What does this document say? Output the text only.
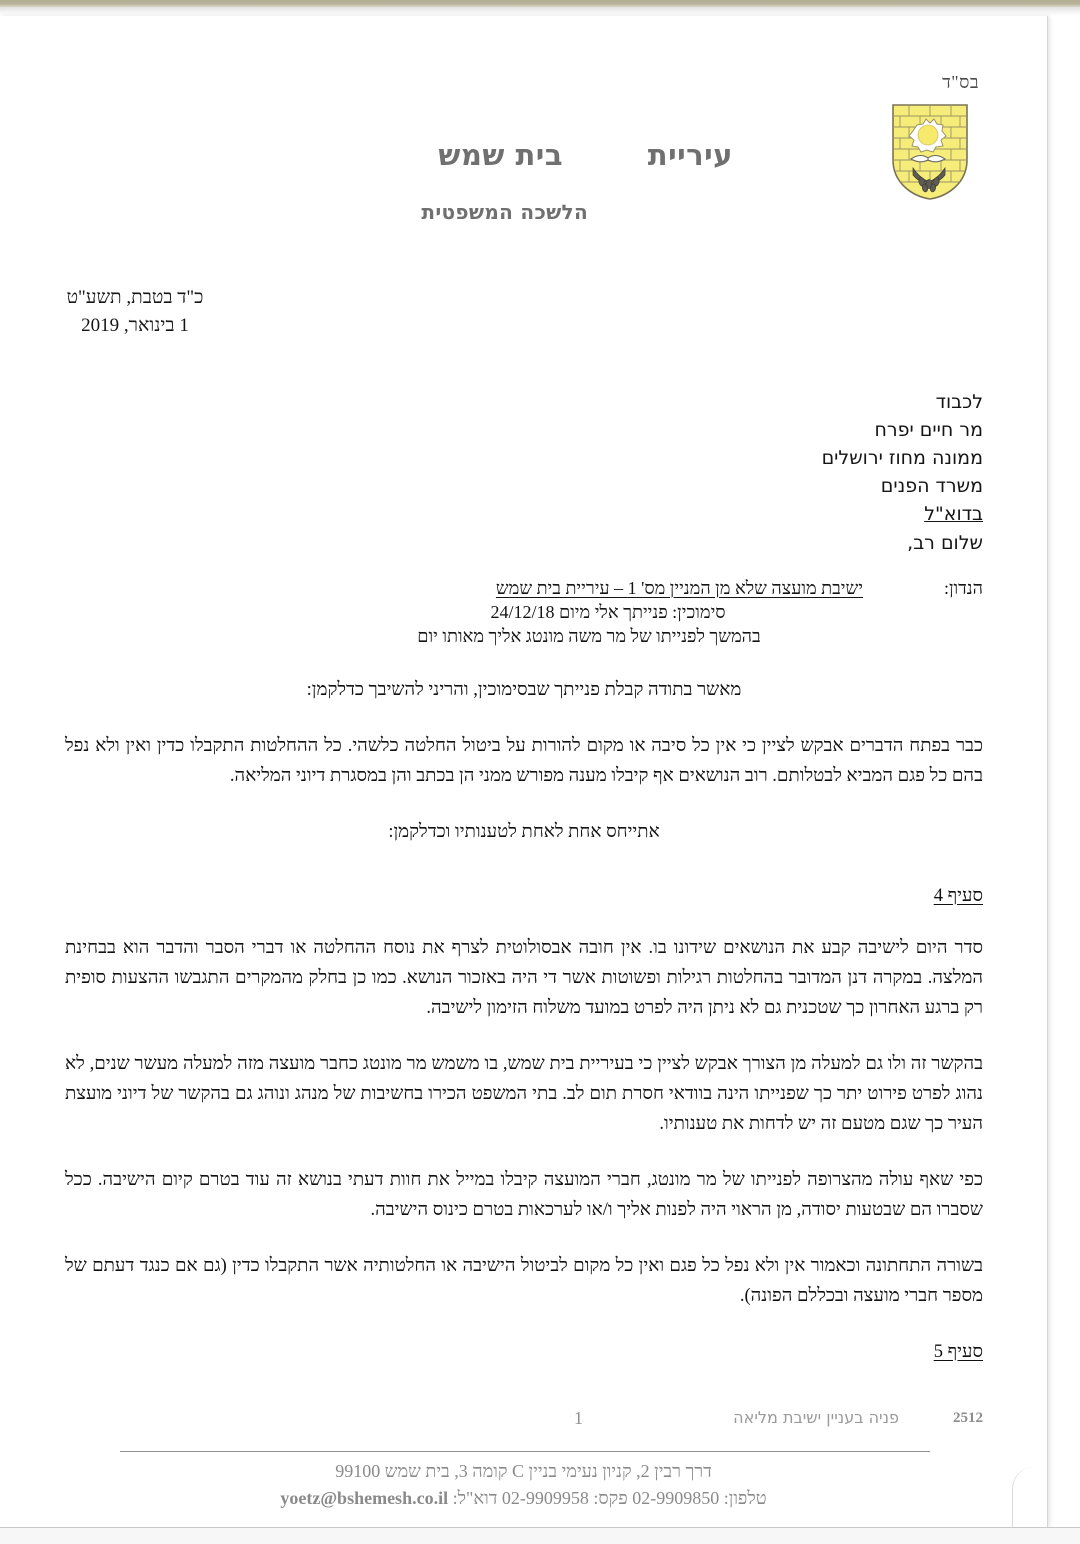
בס"ד
עיריית        בית שמש
הלשכה המשפטית
כ"ד בטבת, תשע"ט
1 בינואר, 2019
לכבוד
מר חיים יפרח
ממונה מחוז ירושלים
משרד הפנים
בדוא"ל
שלום רב,
הנדון:
ישיבת מועצה שלא מן המניין מס' 1 – עיריית בית שמש
סימוכין: פנייתך אלי מיום 24/12/18
בהמשך לפנייתו של מר משה מונטג אליך מאותו יום

מאשר בתודה קבלת פנייתך שבסימוכין, והריני להשיבך כדלקמן:

כבר בפתח הדברים אבקש לציין כי אין כל סיבה או מקום להורות על ביטול החלטה כלשהי. כל ההחלטות התקבלו כדין ואין ולא נפל בהם כל פגם המביא לבטלותם. רוב הנושאים אף קיבלו מענה מפורש ממני הן בכתב והן במסגרת דיוני המליאה.

אתייחס אחת לאחת לטענותיו וכדלקמן:

סעיף 4

סדר היום לישיבה קבע את הנושאים שידונו בו. אין חובה אבסולוטית לצרף את נוסח ההחלטה או דברי הסבר והדבר הוא בבחינת המלצה. במקרה דנן המדובר בהחלטות רגילות ופשוטות אשר די היה באזכור הנושא. כמו כן בחלק מהמקרים התגבשו ההצעות סופית רק ברגע האחרון כך שטכנית גם לא ניתן היה לפרט במועד משלוח הזימון לישיבה.

בהקשר זה ולו גם למעלה מן הצורך אבקש לציין כי בעיריית בית שמש, בו משמש מר מונטג כחבר מועצה מזה למעלה מעשר שנים, לא נהוג לפרט פירוט יתר כך שפנייתו הינה בוודאי חסרת תום לב. בתי המשפט הכירו בחשיבות של מנהג ונוהג גם בהקשר של דיוני מועצת העיר כך שגם מטעם זה יש לדחות את טענותיו.

כפי שאף עולה מהצרופה לפנייתו של מר מונטג, חברי המועצה קיבלו במייל את חוות דעתי בנושא זה עוד בטרם קיום הישיבה. ככל שסברו הם שבטעות יסודה, מן הראוי היה לפנות אליך ו/או לערכאות בטרם כינוס הישיבה.

בשורה התחתונה וכאמור אין ולא נפל כל פגם ואין כל מקום לביטול הישיבה או החלטותיה אשר התקבלו כדין (גם אם כנגד דעתם של מספר חברי מועצה ובכללם הפונה).

סעיף 5

2512
פניה בעניין ישיבת מליאה
1
דרך רבין 2, קניון נעימי בניין C קומה 3, בית שמש 99100
טלפון: 02-9909850 פקס: 02-9909958 דוא"ל: yoetz@bshemesh.co.il
